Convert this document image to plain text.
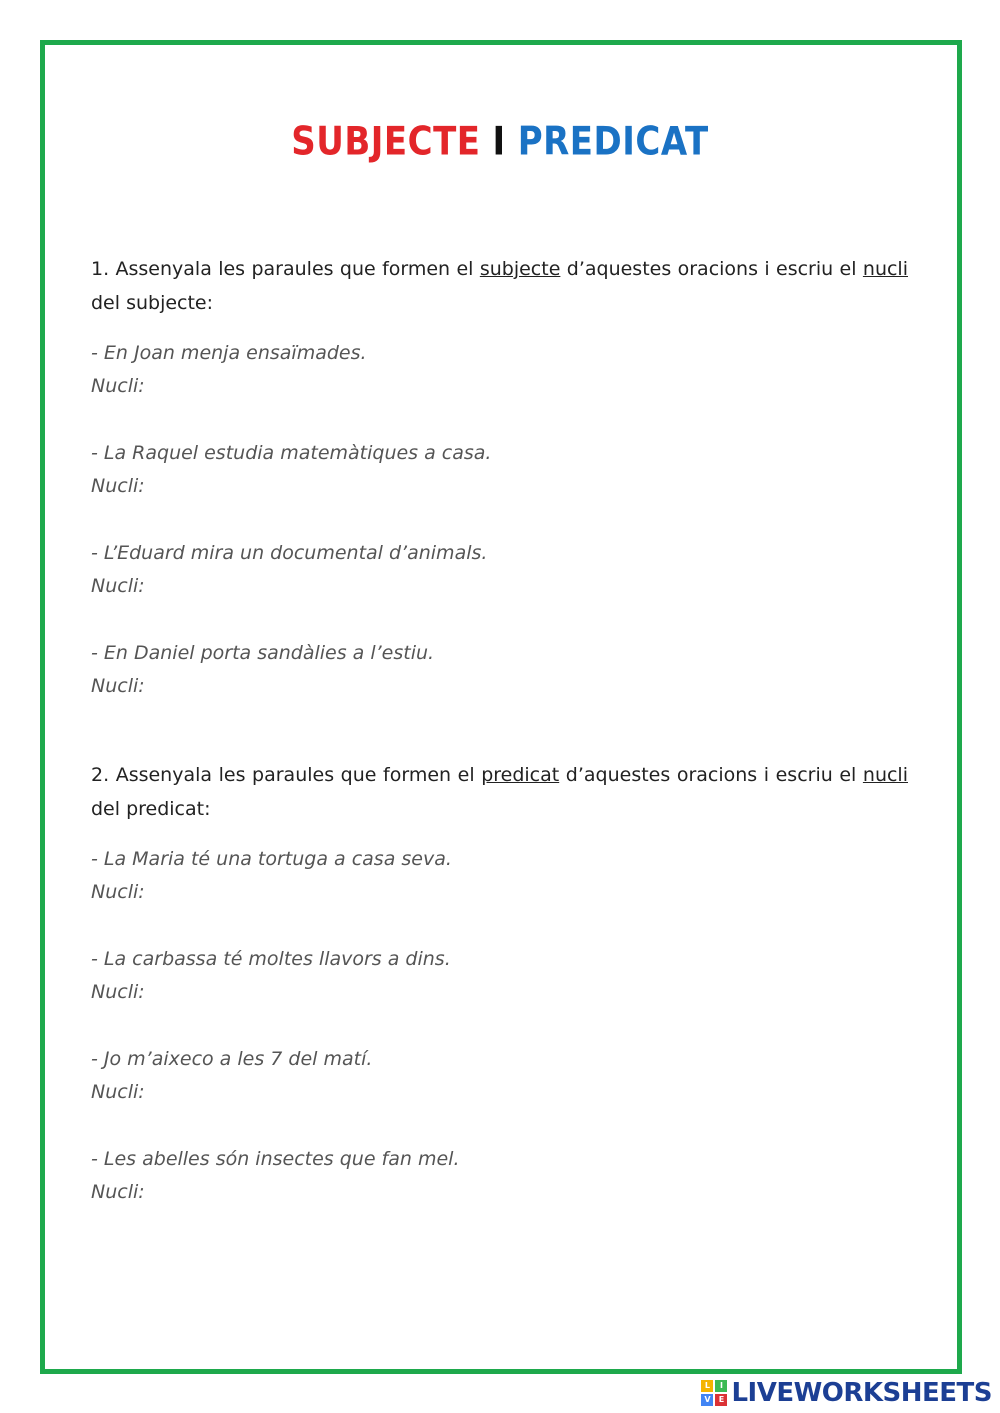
SUBJECTE I PREDICAT
1. Assenyala les paraules que formen el subjecte d’aquestes oracions i escriu el nucli del subjecte:
- En Joan menja ensaïmades.
Nucli:
- La Raquel estudia matemàtiques a casa.
Nucli:
- L’Eduard mira un documental d’animals.
Nucli:
- En Daniel porta sandàlies a l’estiu.
Nucli:
2. Assenyala les paraules que formen el predicat d’aquestes oracions i escriu el nucli del predicat:
- La Maria té una tortuga a casa seva.
Nucli:
- La carbassa té moltes llavors a dins.
Nucli:
- Jo m’aixeco a les 7 del matí.
Nucli:
- Les abelles són insectes que fan mel.
Nucli:
L	I
V	E LIVEWORKSHEETS
